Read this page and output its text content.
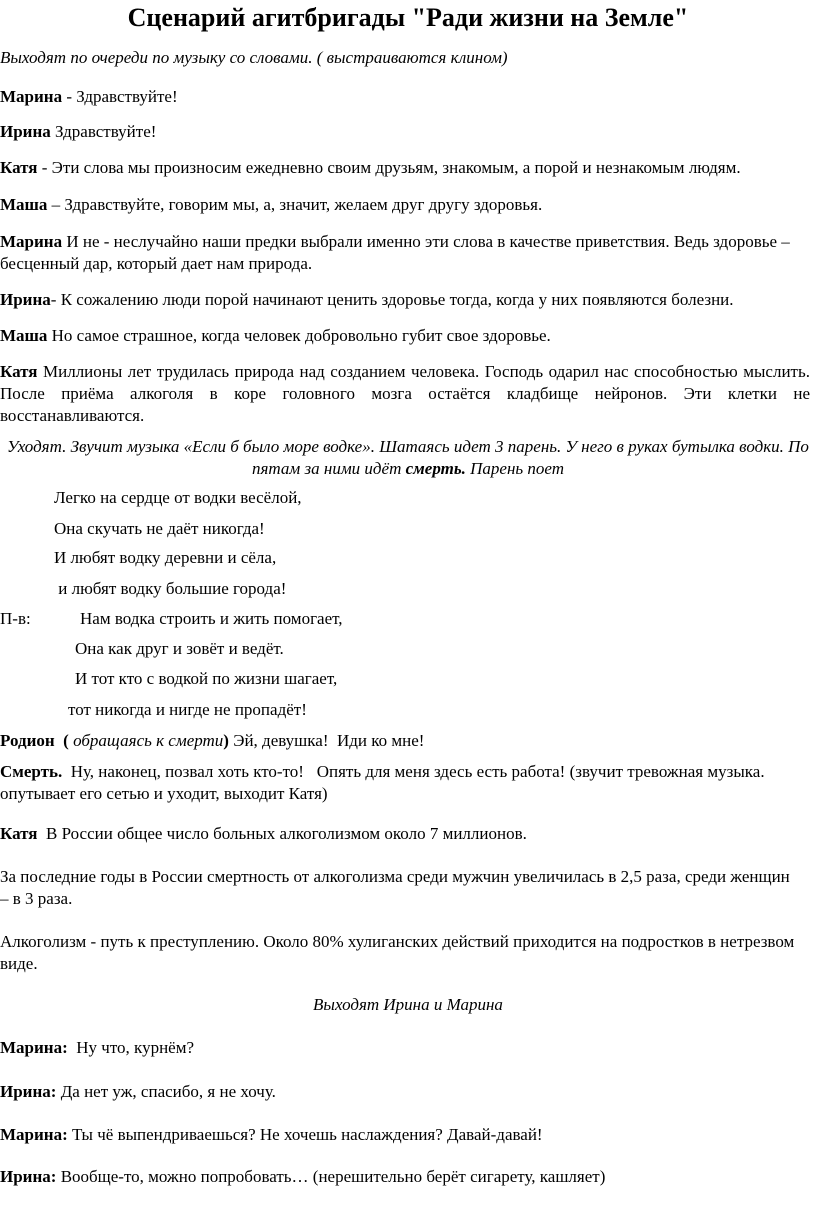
Сценарий агитбригады "Ради жизни на Земле"
Выходят по очереди по музыку со словами. ( выстраиваются клином)
Марина - Здравствуйте!
Ирина Здравствуйте!
Катя - Эти слова мы произносим ежедневно своим друзьям, знакомым, а порой и незнакомым людям.
Маша – Здравствуйте, говорим мы, а, значит, желаем друг другу здоровья.
Марина И не - неслучайно наши предки выбрали именно эти слова в качестве приветствия. Ведь здоровье – бесценный дар, который дает нам природа.
Ирина- К сожалению люди порой начинают ценить здоровье тогда, когда у них появляются болезни.
Маша Но самое страшное, когда человек добровольно губит свое здоровье.
Катя Миллионы лет трудилась природа над созданием человека. Господь одарил нас способностью мыслить. После приёма алкоголя в коре головного мозга остаётся кладбище нейронов. Эти клетки не восстанавливаются.
Уходят. Звучит музыка «Если б было море водке». Шатаясь идет 3 парень. У него в руках бутылка водки. По пятам за ними идёт смерть. Парень поет
Легко на сердце от водки весёлой,
Она скучать не даёт никогда!
И любят водку деревни и сёла,
и любят водку большие города!
П-в:	Нам водка строить и жить помогает,
Она как друг и зовёт и ведёт.
И тот кто с водкой по жизни шагает,
тот никогда и нигде не пропадёт!
Родион  ( обращаясь к смерти) Эй, девушка!  Иди ко мне!
Смерть.  Ну, наконец, позвал хоть кто-то!   Опять для меня здесь есть работа! (звучит тревожная музыка. опутывает его сетью и уходит, выходит Катя)
Катя  В России общее число больных алкоголизмом около 7 миллионов.
За последние годы в России смертность от алкоголизма среди мужчин увеличилась в 2,5 раза, среди женщин – в 3 раза.
Алкоголизм - путь к преступлению. Около 80% хулиганских действий приходится на подростков в нетрезвом виде.
Выходят Ирина и Марина
Марина:  Ну что, курнём?
Ирина: Да нет уж, спасибо, я не хочу.
Марина: Ты чё выпендриваешься? Не хочешь наслаждения? Давай-давай!
Ирина: Вообще-то, можно попробовать… (нерешительно берёт сигарету, кашляет)
